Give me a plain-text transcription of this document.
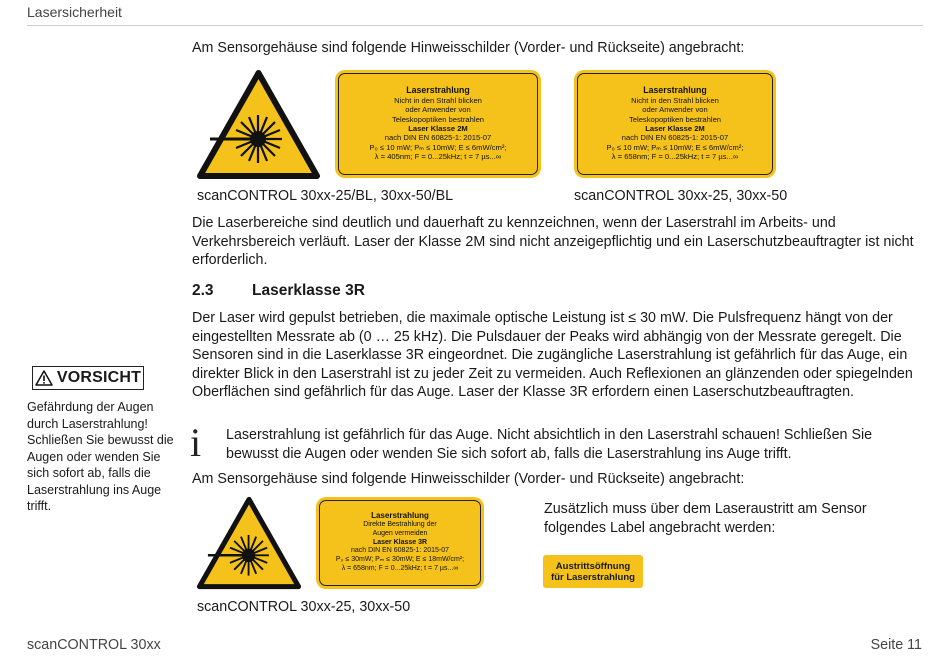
Lasersicherheit
Am Sensorgehäuse sind folgende Hinweisschilder (Vorder- und Rückseite) angebracht:
Laserstrahlung
Nicht in den Strahl blicken
oder Anwender von
Teleskopoptiken bestrahlen
Laser Klasse 2M
nach DIN EN 60825-1: 2015-07
P₀ ≤ 10 mW; Pₘ ≤ 10mW; E ≤ 6mW/cm²;
λ = 405nm; F = 0...25kHz; t = 7 µs...∞
Laserstrahlung
Nicht in den Strahl blicken
oder Anwender von
Teleskopoptiken bestrahlen
Laser Klasse 2M
nach DIN EN 60825-1: 2015-07
P₀ ≤ 10 mW; Pₘ ≤ 10mW; E ≤ 6mW/cm²;
λ = 658nm; F = 0...25kHz; t = 7 µs...∞
scanCONTROL 30xx-25/BL, 30xx-50/BL	scanCONTROL 30xx-25, 30xx-50
Die Laserbereiche sind deutlich und dauerhaft zu kennzeichnen, wenn der Laserstrahl im Arbeits- und Verkehrsbereich verläuft. Laser der Klasse 2M sind nicht anzeigepflichtig und ein Laserschutzbeauftragter ist nicht erforderlich.
2.3 Laserklasse 3R
Der Laser wird gepulst betrieben, die maximale optische Leistung ist ≤ 30 mW. Die Pulsfrequenz hängt von der eingestellten Messrate ab (0 … 25 kHz). Die Pulsdauer der Peaks wird abhängig von der Messrate geregelt. Die Sensoren sind in die Laserklasse 3R eingeordnet. Die zugängliche Laserstrahlung ist gefährlich für das Auge, ein direkter Blick in den Laserstrahl ist zu jeder Zeit zu vermeiden. Auch Reflexionen an glänzenden oder spiegelnden Oberflächen sind gefährlich für das Auge. Laser der Klasse 3R erfordern einen Laserschutzbeauftragten.
VORSICHT
Gefährdung der Augen durch Laserstrahlung! Schließen Sie bewusst die Augen oder wenden Sie sich sofort ab, falls die Laserstrahlung ins Auge trifft.
i Laserstrahlung ist gefährlich für das Auge. Nicht absichtlich in den Laserstrahl schauen! Schließen Sie bewusst die Augen oder wenden Sie sich sofort ab, falls die Laserstrahlung ins Auge trifft.
Am Sensorgehäuse sind folgende Hinweisschilder (Vorder- und Rückseite) angebracht:
Laserstrahlung
Direkte Bestrahlung der
Augen vermeiden
Laser Klasse 3R
nach DIN EN 60825-1: 2015-07
P₀ ≤ 30mW; Pₘ ≤ 30mW; E ≤ 18mW/cm²;
λ = 658nm; F = 0...25kHz; t = 7 µs...∞
scanCONTROL 30xx-25, 30xx-50
Zusätzlich muss über dem Laseraustritt am Sensor folgendes Label angebracht werden:
Austrittsöffnung
für Laserstrahlung
scanCONTROL 30xx	Seite 11
